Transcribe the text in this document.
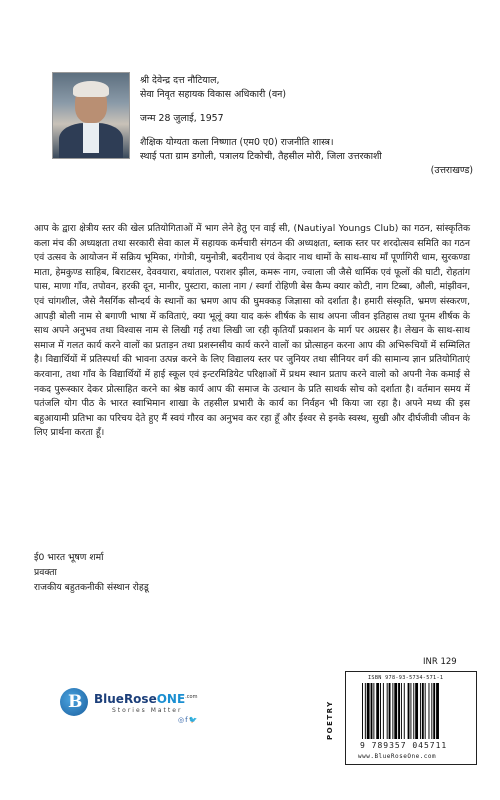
श्री देवेन्द्र दत्त नौटियाल,
सेवा निवृत सहायक विकास अधिकारी (वन)
जन्म 28 जुलाई, 1957
शैक्षिक योग्यता कला निष्णात (एम0 ए0) राजनीति शास्त्र।
स्थाई पता ग्राम डगोली, पत्रालय टिकोची, तैहसील मोरी, जिला उत्तरकाशी
(उत्तराखण्ड)
आप के द्वारा क्षेत्रीय स्तर की खेल प्रतियोगिताओं में भाग लेने हेतु एन वाई सी, (Nautiyal Youngs Club) का गठन, सांस्कृतिक कला मंच की अध्यक्षता तथा सरकारी सेवा काल में सहायक कर्मचारी संगठन की अध्यक्षता, ब्लाक स्तर पर शरदोत्सव समिति का गठन एवं उत्सव के आयोजन में सक्रिय भूमिका, गंगोत्री, यमुनोत्री, बदरीनाथ एवं केदार नाथ धामों के साथ-साथ माँ पूर्णागिरी धाम, सुरकण्डा माता, हेमकुण्ड साहिब, बिराटसर, देववयारा, बयांताल, पराशर झील, कमरू नाग, ज्वाला जी जैसे धार्मिक एवं फूलों की घाटी, रोहतांग पास, माणा गाँव, तपोवन, हरकी दून, मानीर, पुस्टारा, काला नाग / स्वर्गा रोहिणी बेस कैम्प क्यार कोटी, नाग टिब्बा, औली, मांझीवन, एवं चांगशील, जैसे नैसर्गिक सौन्दर्य के स्थानों का भ्रमण आप की घुमक्कड़ जिज्ञासा को दर्शाता है। हमारी संस्कृति, भ्रमण संस्करण, आपड़ी बोली नाम से बगाणी भाषा में कविताएं, क्या भूलूं क्या याद करूं शीर्षक के साथ अपना जीवन इतिहास तथा पूनम शीर्षक के साथ अपने अनुभव तथा विश्वास नाम से लिखी गई तथा लिखी जा रही कृतियाँ प्रकाशन के मार्ग पर अग्रसर है। लेखन के साथ-साथ समाज में गलत कार्य करने वालों का प्रताड़न तथा प्रशस्नसीय कार्य करने वालों का प्रोत्साहन करना आप की अभिरूचियों में सम्मिलित है। विद्यार्थियों में प्रतिस्पर्धा की भावना उत्पन्न करने के लिए विद्यालय स्तर पर जुनियर तथा सीनियर वर्ग की सामान्य ज्ञान प्रतियोगिताएं करवाना, तथा गाँव के विद्यार्थियों में हाई स्कूल एवं इन्टरमिडियेट परिक्षाओं में प्रथम स्थान प्रताप करने वालो को अपनी नेक कमाई से नकद पुरूस्कार देकर प्रोत्साहित करने का श्रेष्ठ कार्य आप की समाज के उत्थान के प्रति साथर्क सोच को दर्शाता है। वर्तमान समय में पतंजलि योग पीठ के भारत स्वाभिमान शाखा के तहसील प्रभारी के कार्य का निर्वहन भी किया जा रहा है। अपने मध्य की इस बहुआयामी प्रतिभा का परिचय देते हुए मैं स्वयं गौरव का अनुभव कर रहा हूँ और ईश्वर से इनके स्वस्थ, सुखी और दीर्घजीवी जीवन के लिए प्रार्थना करता हूँ।
ई0 भारत भूषण शर्मा
प्रवक्ता
राजकीय बहुतकनीकी संस्थान रोहडू
B BlueRoseONE$^{.com}$
Stories Matter
◎f🐦
INR 129
POETRY
ISBN 978-93-5734-571-1
9 789357 045711
www.BlueRoseOne.com
